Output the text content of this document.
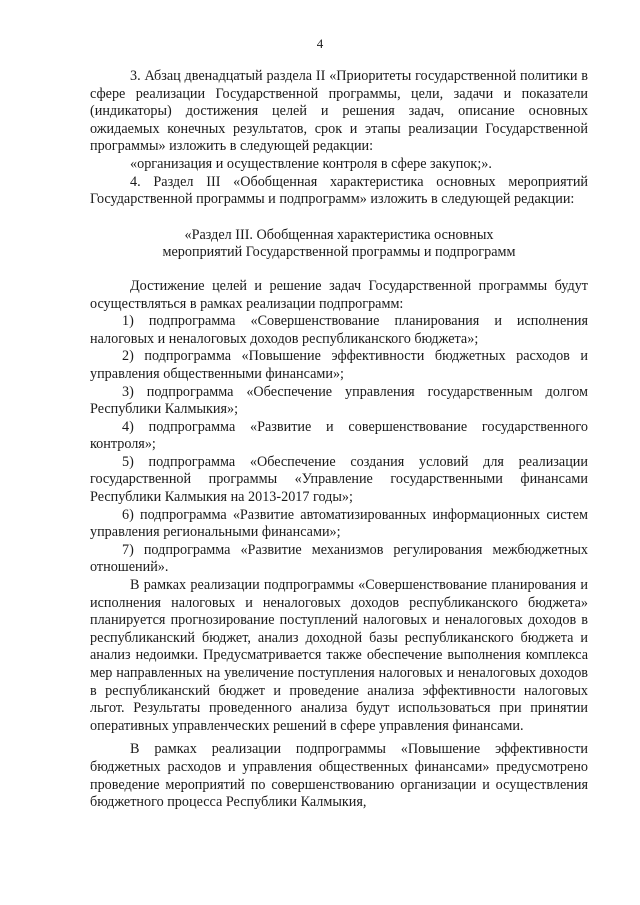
4

3. Абзац двенадцатый раздела II «Приоритеты государственной политики в сфере реализации Государственной программы, цели, задачи и показатели (индикаторы) достижения целей и решения задач, описание основных ожидаемых конечных результатов, срок и этапы реализации Государственной программы» изложить в следующей редакции:

«организация и осуществление контроля в сфере закупок;».

4. Раздел III «Обобщенная характеристика основных мероприятий Государственной программы и подпрограмм» изложить в следующей редакции:

«Раздел III. Обобщенная характеристика основных
мероприятий Государственной программы и подпрограмм

Достижение целей и решение задач Государственной программы будут осуществляться в рамках реализации подпрограмм:

1) подпрограмма «Совершенствование планирования и исполнения налоговых и неналоговых доходов республиканского бюджета»;

2) подпрограмма «Повышение эффективности бюджетных расходов и управления общественными финансами»;

3) подпрограмма «Обеспечение управления государственным долгом Республики Калмыкия»;

4) подпрограмма «Развитие и совершенствование государственного контроля»;

5) подпрограмма «Обеспечение создания условий для реализации государственной программы «Управление государственными финансами Республики Калмыкия на 2013-2017 годы»;

6) подпрограмма «Развитие автоматизированных информационных систем управления региональными финансами»;

7) подпрограмма «Развитие механизмов регулирования межбюджетных отношений».

В рамках реализации подпрограммы «Совершенствование планирования и исполнения налоговых и неналоговых доходов республиканского бюджета» планируется прогнозирование поступлений налоговых и неналоговых доходов в республиканский бюджет, анализ доходной базы республиканского бюджета и анализ недоимки. Предусматривается также обеспечение выполнения комплекса мер направленных на увеличение поступления налоговых и неналоговых доходов в республиканский бюджет и проведение анализа эффективности налоговых льгот. Результаты проведенного анализа будут использоваться при принятии оперативных управленческих решений в сфере управления финансами.

В рамках реализации подпрограммы «Повышение эффективности бюджетных расходов и управления общественных финансами» предусмотрено проведение мероприятий по совершенствованию организации и осуществления бюджетного процесса Республики Калмыкия,
